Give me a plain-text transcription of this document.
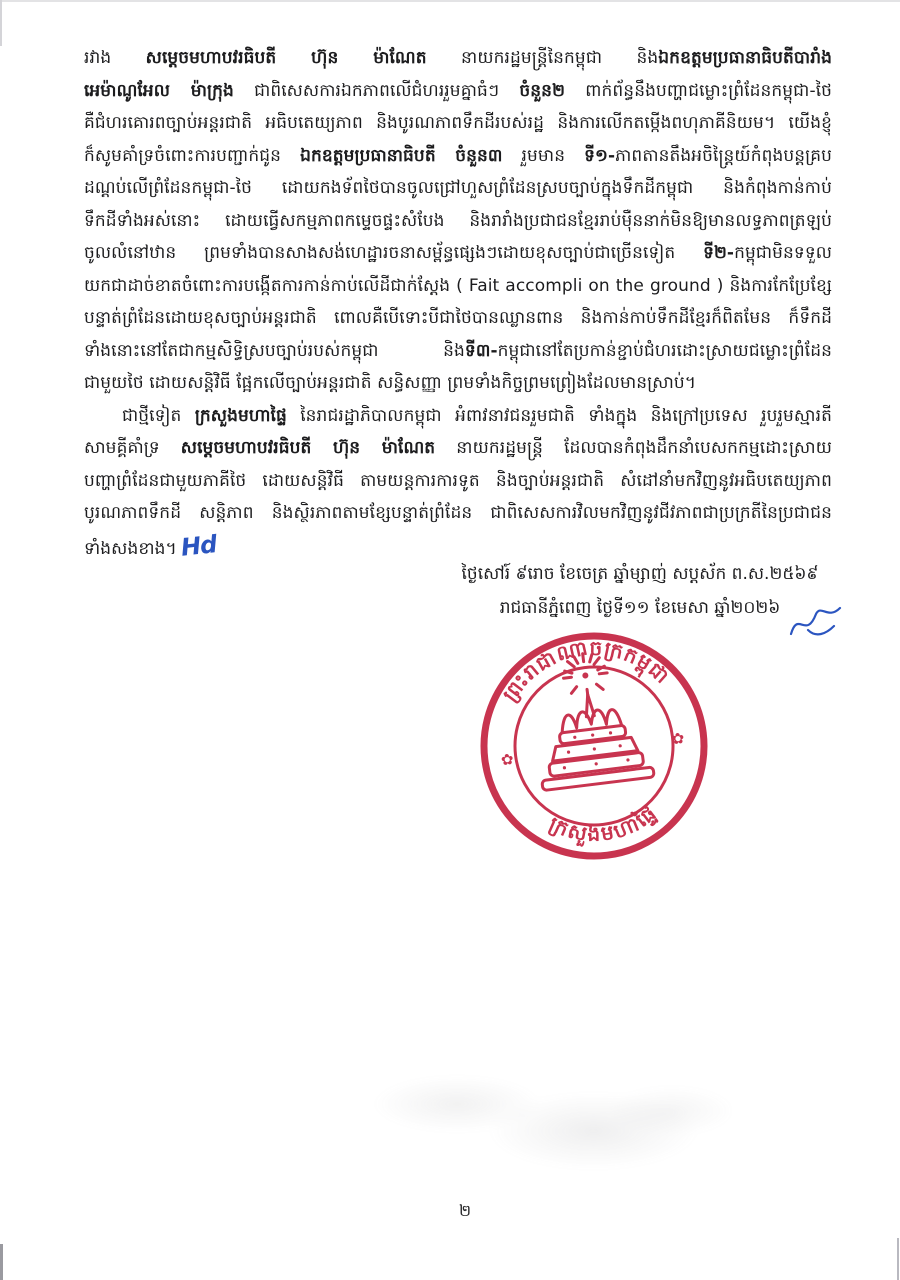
រវាង សម្តេចមហាបវរធិបតី ហ៊ុន ម៉ាណែត នាយករដ្ឋមន្ត្រីនៃកម្ពុជា និងឯកឧត្តមប្រធានាធិបតីបារាំង
អេម៉ាណូអែល ម៉ាក្រុង ជាពិសេសការឯកភាពលើជំហររួមគ្នាធំៗ ចំនួន២ ពាក់ព័ន្ធនឹងបញ្ហាជម្លោះព្រំដែនកម្ពុជា-ថៃ
គឺជំហរគោរពច្បាប់អន្តរជាតិ អធិបតេយ្យភាព និងបូរណភាពទឹកដីរបស់រដ្ឋ និងការលើកតម្កើងពហុភាគីនិយម។ យើងខ្ញុំ
ក៏សូមគាំទ្រចំពោះការបញ្ជាក់ជូន ឯកឧត្តមប្រធានាធិបតី ចំនួន៣ រួមមាន ទី១-ភាពតានតឹងអចិន្ត្រៃយ៍កំពុងបន្តគ្រប
ដណ្តប់លើព្រំដែនកម្ពុជា-ថៃ ដោយកងទ័ពថៃបានចូលជ្រៅហួសព្រំដែនស្របច្បាប់ក្នុងទឹកដីកម្ពុជា និងកំពុងកាន់កាប់
ទឹកដីទាំងអស់នោះ ដោយធ្វើសកម្មភាពកម្ទេចផ្ទះសំបែង និងរារាំងប្រជាជនខ្មែររាប់ម៉ឺននាក់មិនឱ្យមានលទ្ធភាពត្រឡប់
ចូលលំនៅឋាន ព្រមទាំងបានសាងសង់ហេដ្ឋារចនាសម្ព័ន្ធផ្សេងៗដោយខុសច្បាប់ជាច្រើនទៀត ទី២-កម្ពុជាមិនទទួល
យកជាដាច់ខាតចំពោះការបង្កើតការកាន់កាប់លើដីជាក់ស្តែង ( Fait accompli on the ground ) និងការកែប្រែខ្សែ
បន្ទាត់ព្រំដែនដោយខុសច្បាប់អន្តរជាតិ ពោលគឺបើទោះបីជាថៃបានឈ្លានពាន និងកាន់កាប់ទឹកដីខ្មែរក៏ពិតមែន ក៏ទឹកដី
ទាំងនោះនៅតែជាកម្មសិទ្ធិស្របច្បាប់របស់កម្ពុជា និងទី៣-កម្ពុជានៅតែប្រកាន់ខ្ជាប់ជំហរដោះស្រាយជម្លោះព្រំដែន
ជាមួយថៃ ដោយសន្តិវិធី ផ្អែកលើច្បាប់អន្តរជាតិ សន្ធិសញ្ញា ព្រមទាំងកិច្ចព្រមព្រៀងដែលមានស្រាប់។
ជាថ្មីទៀត ក្រសួងមហាផ្ទៃ នៃរាជរដ្ឋាភិបាលកម្ពុជា អំពាវនាវជនរួមជាតិ ទាំងក្នុង និងក្រៅប្រទេស រួបរួមស្មារតី
សាមគ្គីគាំទ្រ សម្តេចមហាបវរធិបតី ហ៊ុន ម៉ាណែត នាយករដ្ឋមន្ត្រី ដែលបានកំពុងដឹកនាំបេសកកម្មដោះស្រាយ
បញ្ហាព្រំដែនជាមួយភាគីថៃ ដោយសន្តិវិធី តាមយន្តការការទូត និងច្បាប់អន្តរជាតិ សំដៅនាំមកវិញនូវអធិបតេយ្យភាព
បូរណភាពទឹកដី សន្តិភាព និងស្ថិរភាពតាមខ្សែបន្ទាត់ព្រំដែន ជាពិសេសការវិលមកវិញនូវជីវភាពជាប្រក្រតីនៃប្រជាជន
ទាំងសងខាង។ Hd
ថ្ងៃសៅរ៍ ៩រោច ខែចេត្រ ឆ្នាំម្សាញ់ សប្តស័ក ព.ស.២៥៦៩
រាជធានីភ្នំពេញ ថ្ងៃទី១១ ខែមេសា ឆ្នាំ២០២៦
ព្រះរាជាណាចក្រកម្ពុជា
ក្រសួងមហាផ្ទៃ
✿
✿
២
